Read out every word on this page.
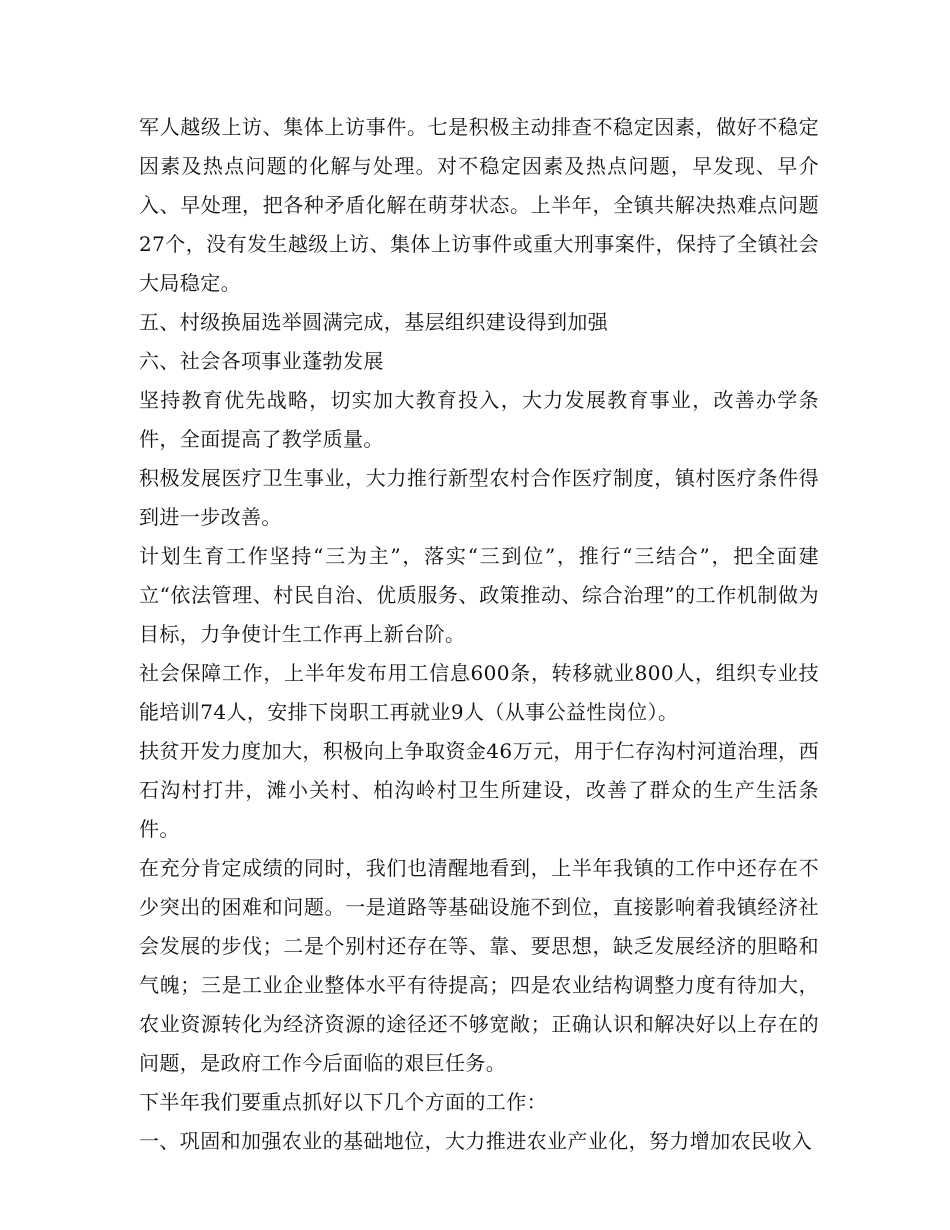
军人越级上访、集体上访事件。七是积极主动排查不稳定因素，做好不稳定因素及热点问题的化解与处理。对不稳定因素及热点问题，早发现、早介入、早处理，把各种矛盾化解在萌芽状态。上半年，全镇共解决热难点问题27个，没有发生越级上访、集体上访事件或重大刑事案件，保持了全镇社会大局稳定。

五、村级换届选举圆满完成，基层组织建设得到加强

六、社会各项事业蓬勃发展

坚持教育优先战略，切实加大教育投入，大力发展教育事业，改善办学条件，全面提高了教学质量。

积极发展医疗卫生事业，大力推行新型农村合作医疗制度，镇村医疗条件得到进一步改善。

计划生育工作坚持“三为主”，落实“三到位”，推行“三结合”，把全面建立“依法管理、村民自治、优质服务、政策推动、综合治理”的工作机制做为目标，力争使计生工作再上新台阶。

社会保障工作，上半年发布用工信息600条，转移就业800人，组织专业技能培训74人，安排下岗职工再就业9人（从事公益性岗位）。

扶贫开发力度加大，积极向上争取资金46万元，用于仁存沟村河道治理，西石沟村打井，滩小关村、柏沟岭村卫生所建设，改善了群众的生产生活条件。

在充分肯定成绩的同时，我们也清醒地看到，上半年我镇的工作中还存在不少突出的困难和问题。一是道路等基础设施不到位，直接影响着我镇经济社会发展的步伐；二是个别村还存在等、靠、要思想，缺乏发展经济的胆略和气魄；三是工业企业整体水平有待提高；四是农业结构调整力度有待加大，农业资源转化为经济资源的途径还不够宽敞；正确认识和解决好以上存在的问题，是政府工作今后面临的艰巨任务。

下半年我们要重点抓好以下几个方面的工作：

一、巩固和加强农业的基础地位，大力推进农业产业化，努力增加农民收入
